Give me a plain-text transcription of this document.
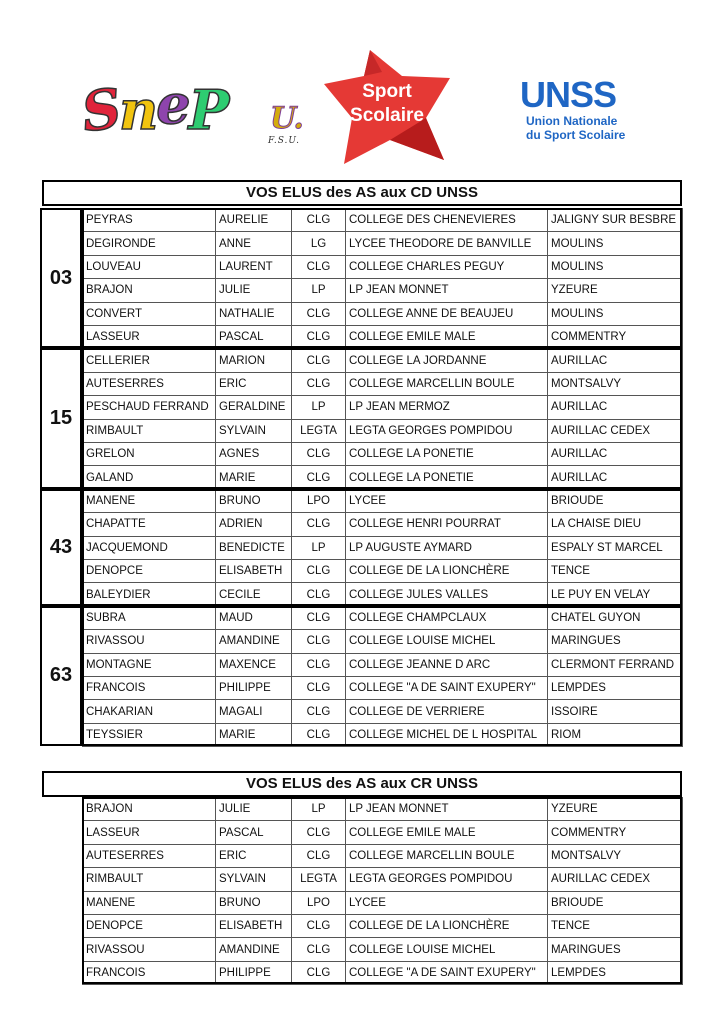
SneP U.
F.S.U.
Sport
Scolaire
UNSS
Union Nationale
du Sport Scolaire
VOS ELUS des AS aux CD UNSS
03
PEYRAS	AURELIE	CLG	COLLEGE DES CHENEVIERES	JALIGNY SUR BESBRE
DEGIRONDE	ANNE	LG	LYCEE THEODORE DE BANVILLE	MOULINS
LOUVEAU	LAURENT	CLG	COLLEGE CHARLES PEGUY	MOULINS
BRAJON	JULIE	LP	LP JEAN MONNET	YZEURE
CONVERT	NATHALIE	CLG	COLLEGE ANNE DE BEAUJEU	MOULINS
LASSEUR	PASCAL	CLG	COLLEGE EMILE MALE	COMMENTRY
15
CELLERIER	MARION	CLG	COLLEGE LA JORDANNE	AURILLAC
AUTESERRES	ERIC	CLG	COLLEGE MARCELLIN BOULE	MONTSALVY
PESCHAUD FERRAND	GERALDINE	LP	LP JEAN MERMOZ	AURILLAC
RIMBAULT	SYLVAIN	LEGTA	LEGTA GEORGES POMPIDOU	AURILLAC CEDEX
GRELON	AGNES	CLG	COLLEGE LA PONETIE	AURILLAC
GALAND	MARIE	CLG	COLLEGE LA PONETIE	AURILLAC
43
MANENE	BRUNO	LPO	LYCEE	BRIOUDE
CHAPATTE	ADRIEN	CLG	COLLEGE HENRI POURRAT	LA CHAISE DIEU
JACQUEMOND	BENEDICTE	LP	LP AUGUSTE AYMARD	ESPALY ST MARCEL
DENOPCE	ELISABETH	CLG	COLLEGE DE LA LIONCHÈRE	TENCE
BALEYDIER	CECILE	CLG	COLLEGE JULES VALLES	LE PUY EN VELAY
63
SUBRA	MAUD	CLG	COLLEGE CHAMPCLAUX	CHATEL GUYON
RIVASSOU	AMANDINE	CLG	COLLEGE LOUISE MICHEL	MARINGUES
MONTAGNE	MAXENCE	CLG	COLLEGE JEANNE D ARC	CLERMONT FERRAND
FRANCOIS	PHILIPPE	CLG	COLLEGE "A DE SAINT EXUPERY"	LEMPDES
CHAKARIAN	MAGALI	CLG	COLLEGE DE VERRIERE	ISSOIRE
TEYSSIER	MARIE	CLG	COLLEGE MICHEL DE L HOSPITAL	RIOM
VOS ELUS des AS aux CR UNSS
BRAJON	JULIE	LP	LP JEAN MONNET	YZEURE
LASSEUR	PASCAL	CLG	COLLEGE EMILE MALE	COMMENTRY
AUTESERRES	ERIC	CLG	COLLEGE MARCELLIN BOULE	MONTSALVY
RIMBAULT	SYLVAIN	LEGTA	LEGTA GEORGES POMPIDOU	AURILLAC CEDEX
MANENE	BRUNO	LPO	LYCEE	BRIOUDE
DENOPCE	ELISABETH	CLG	COLLEGE DE LA LIONCHÈRE	TENCE
RIVASSOU	AMANDINE	CLG	COLLEGE LOUISE MICHEL	MARINGUES
FRANCOIS	PHILIPPE	CLG	COLLEGE "A DE SAINT EXUPERY"	LEMPDES
